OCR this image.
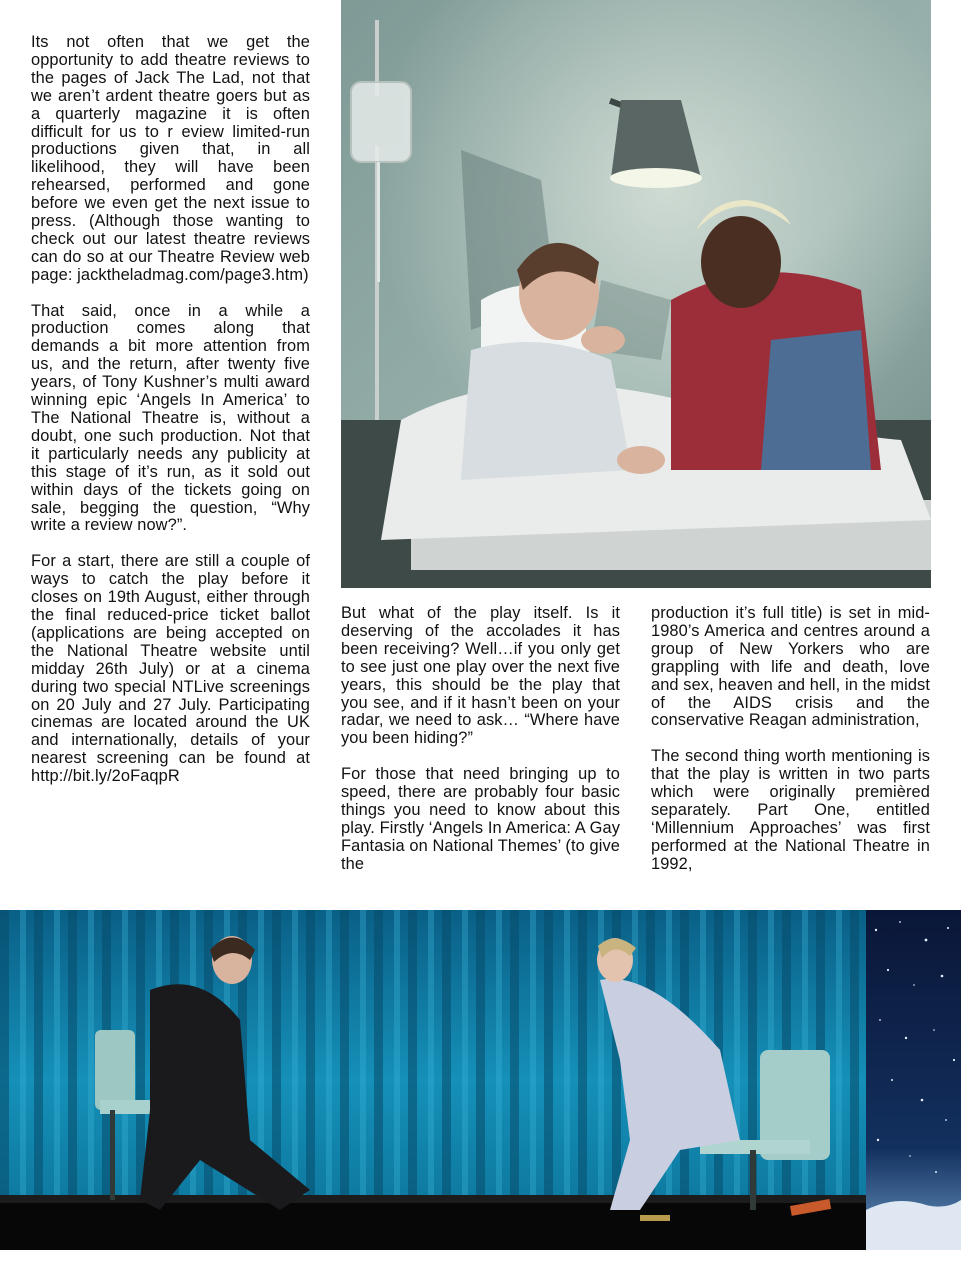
Its not often that we get the opportunity to add theatre reviews to the pages of Jack The Lad, not that we aren’t ardent theatre goers but as a quarterly magazine it is often difficult for us to r eview limited-run productions given that, in all likelihood, they will have been rehearsed, performed and gone before we even get the next issue to press. (Although those wanting to check out our latest theatre reviews can do so at our Theatre Review web page: jacktheladmag.com/page3.htm)

That said, once in a while a production comes along that demands a bit more attention from us, and the return, after twenty five years, of Tony Kushner’s multi award winning epic ‘Angels In America’ to The National Theatre is, without a doubt, one such production. Not that it particularly needs any publicity at this stage of it’s run, as it sold out within days of the tickets going on sale, begging the question, “Why write a review now?”.

For a start, there are still a couple of ways to catch the play before it closes on 19th August, either through the final reduced-price ticket ballot (applications are being accepted on the National Theatre website until midday 26th July) or at a cinema during two special NTLive screenings on 20 July and 27 July. Participating cinemas are located around the UK and internationally, details of your nearest screening can be found at http://bit.ly/2oFaqpR

But what of the play itself. Is it deserving of the accolades it has been receiving? Well…if you only get to see just one play over the next five years, this should be the play that you see, and if it hasn’t been on your radar, we need to ask… “Where have you been hiding?”

For those that need bringing up to speed, there are probably four basic things you need to know about this play. Firstly ‘Angels In America: A Gay Fantasia on National Themes’ (to give the

production it’s full title) is set in mid-1980’s America and centres around a group of New Yorkers who are grappling with life and death, love and sex, heaven and hell, in the midst of the AIDS crisis and the conservative Reagan administration,

The second thing worth mentioning is that the play is written in two parts which were originally premièred separately. Part One, entitled ‘Millennium Approaches’ was first performed at the National Theatre in 1992,
